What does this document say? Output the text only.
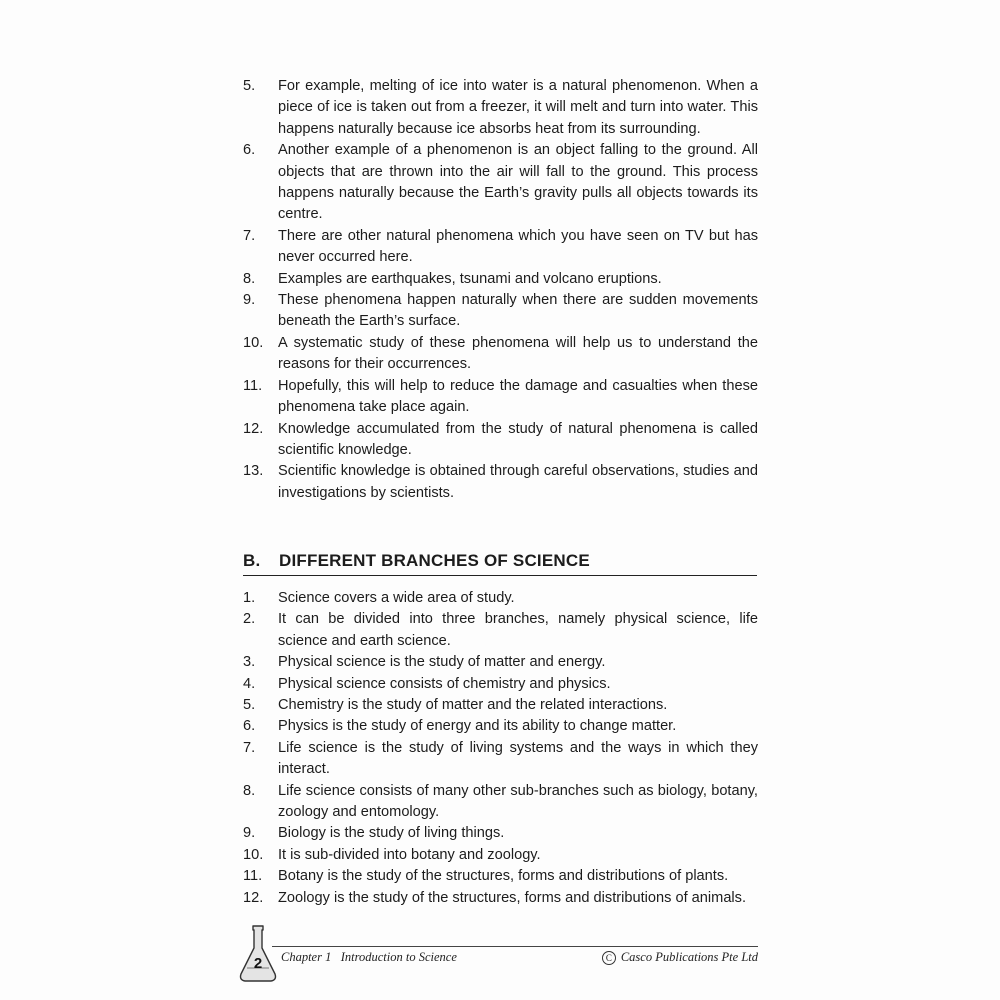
5. For example, melting of ice into water is a natural phenomenon. When a piece of ice is taken out from a freezer, it will melt and turn into water. This happens naturally because ice absorbs heat from its surrounding.
6. Another example of a phenomenon is an object falling to the ground. All objects that are thrown into the air will fall to the ground. This process happens naturally because the Earth’s gravity pulls all objects towards its centre.
7. There are other natural phenomena which you have seen on TV but has never occurred here.
8. Examples are earthquakes, tsunami and volcano eruptions.
9. These phenomena happen naturally when there are sudden movements beneath the Earth’s surface.
10. A systematic study of these phenomena will help us to understand the reasons for their occurrences.
11. Hopefully, this will help to reduce the damage and casualties when these phenomena take place again.
12. Knowledge accumulated from the study of natural phenomena is called scientific knowledge.
13. Scientific knowledge is obtained through careful observations, studies and investigations by scientists.
B. DIFFERENT BRANCHES OF SCIENCE
1. Science covers a wide area of study.
2. It can be divided into three branches, namely physical science, life science and earth science.
3. Physical science is the study of matter and energy.
4. Physical science consists of chemistry and physics.
5. Chemistry is the study of matter and the related interactions.
6. Physics is the study of energy and its ability to change matter.
7. Life science is the study of living systems and the ways in which they interact.
8. Life science consists of many other sub-branches such as biology, botany, zoology and entomology.
9. Biology is the study of living things.
10. It is sub-divided into botany and zoology.
11. Botany is the study of the structures, forms and distributions of plants.
12. Zoology is the study of the structures, forms and distributions of animals.
2	Chapter 1   Introduction to Science	C Casco Publications Pte Ltd
